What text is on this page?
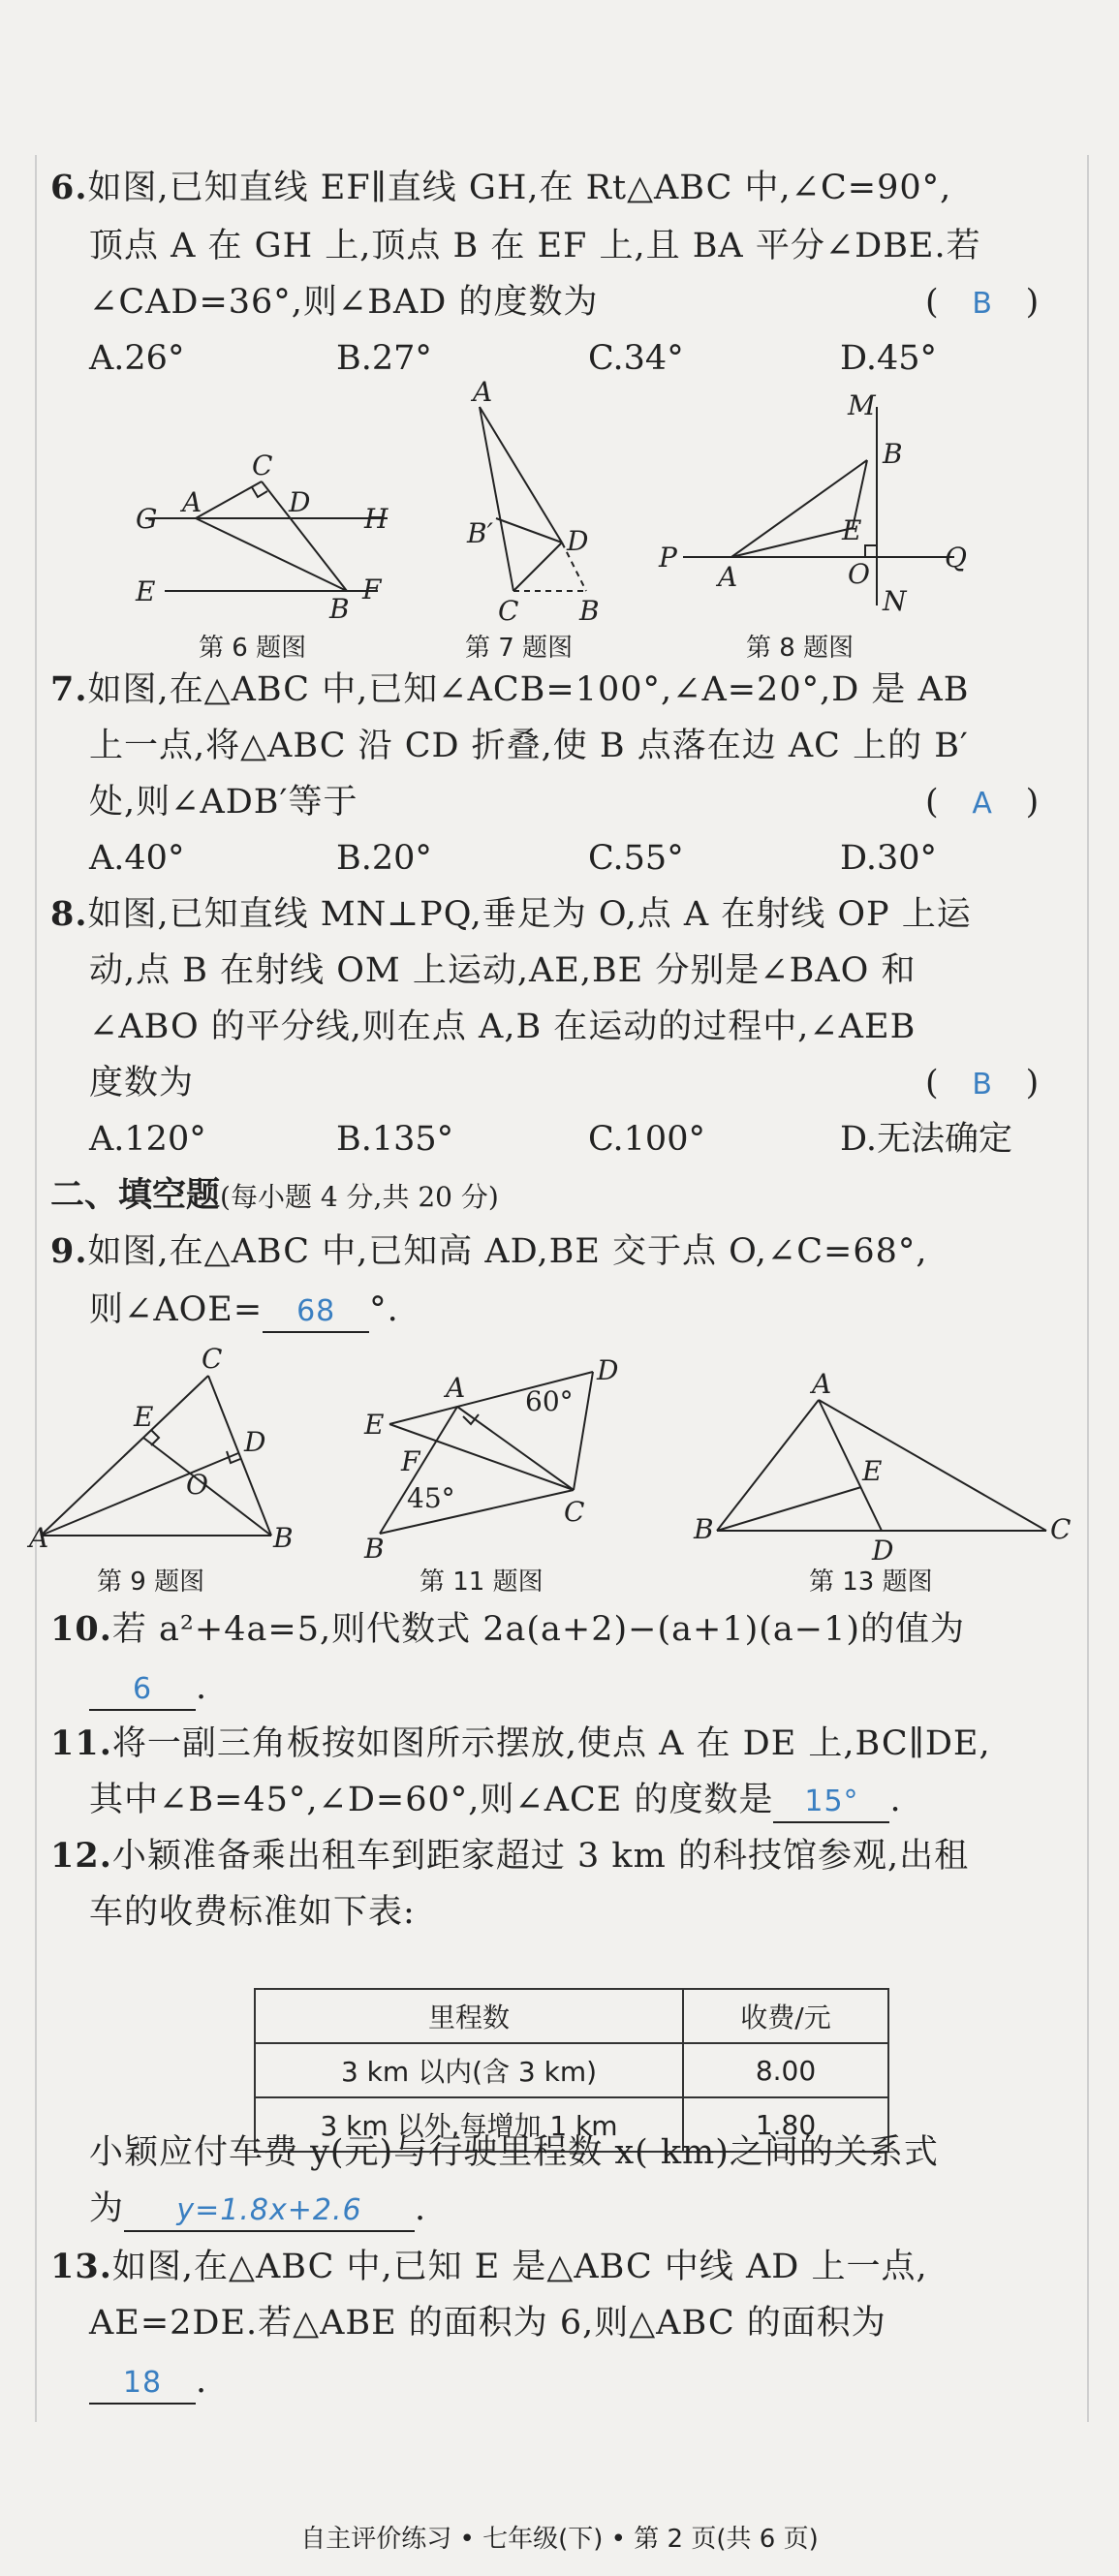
6.如图,已知直线 EF∥直线 GH,在 Rt△ABC 中,∠C=90°,
顶点 A 在 GH 上,顶点 B 在 EF 上,且 BA 平分∠DBE.若
∠CAD=36°,则∠BAD 的度数为	( B )
A.26°	B.27°	C.34°	D.45°
G
A
C
D
H
E
B
F
第 6 题图
A
B′	D
C B
第 7 题图
M
B
E
P
A	O
Q
N
第 8 题图
7.如图,在△ABC 中,已知∠ACB=100°,∠A=20°,D 是 AB
上一点,将△ABC 沿 CD 折叠,使 B 点落在边 AC 上的 B′
处,则∠ADB′等于	( A )
A.40°	B.20°	C.55°	D.30°
8.如图,已知直线 MN⊥PQ,垂足为 O,点 A 在射线 OP 上运
动,点 B 在射线 OM 上运动,AE,BE 分别是∠BAO 和
∠ABO 的平分线,则在点 A,B 在运动的过程中,∠AEB
度数为	( B )
A.120°	B.135°	C.100°	D.无法确定
二、填空题(每小题 4 分,共 20 分)
9.如图,在△ABC 中,已知高 AD,BE 交于点 O,∠C=68°,
则∠AOE= 68 °.
C
E
D
O
A	B
第 9 题图
A 60°
D
E
F
45°	C
B
第 11 题图
A
E
B
D
C
第 13 题图
10.若 a²+4a=5,则代数式 2a(a+2)−(a+1)(a−1)的值为
6 .
11.将一副三角板按如图所示摆放,使点 A 在 DE 上,BC∥DE,
其中∠B=45°,∠D=60°,则∠ACE 的度数是 15° .
12.小颖准备乘出租车到距家超过 3 km 的科技馆参观,出租
车的收费标准如下表:
里程数	收费/元
3 km 以内(含 3 km)	8.00
3 km 以外,每增加 1 km	1.80
小颖应付车费 y(元)与行驶里程数 x( km)之间的关系式
为 y=1.8x+2.6 .
13.如图,在△ABC 中,已知 E 是△ABC 中线 AD 上一点,
AE=2DE.若△ABE 的面积为 6,则△ABC 的面积为
18 .
自主评价练习 • 七年级(下) • 第 2 页(共 6 页)
